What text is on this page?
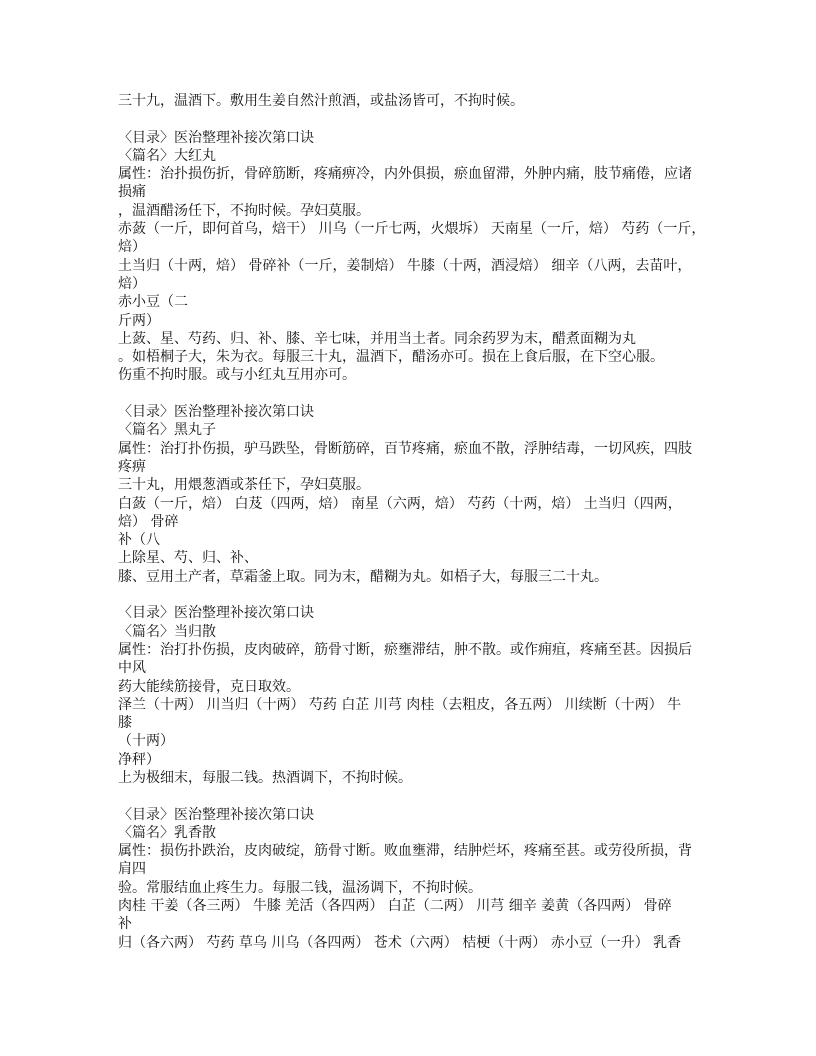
三十九，温酒下。敷用生姜自然汁煎酒，或盐汤皆可，不拘时候。
〈目录〉医治整理补接次第口诀
〈篇名〉大红丸
属性：治扑损伤折，骨碎筋断，疼痛痹冷，内外俱损，瘀血留滞，外肿内痛，肢节痛倦，应诸
损痛
，温酒醋汤任下，不拘时候。孕妇莫服。
赤蔹（一斤，即何首乌，焙干） 川乌（一斤七两，火煨坼） 天南星（一斤，焙） 芍药（一斤，
焙）
土当归（十两，焙） 骨碎补（一斤，姜制焙） 牛膝（十两，酒浸焙） 细辛（八两，去苗叶，
焙）
赤小豆（二
斤两）
上蔹、星、芍药、归、补、膝、辛七味，并用当土者。同余药罗为末，醋煮面糊为丸
。如梧桐子大，朱为衣。每服三十丸，温酒下，醋汤亦可。损在上食后服，在下空心服。
伤重不拘时服。或与小红丸互用亦可。
〈目录〉医治整理补接次第口诀
〈篇名〉黑丸子
属性：治打扑伤损，驴马跌坠，骨断筋碎，百节疼痛，瘀血不散，浮肿结毒，一切风疾，四肢
疼痹
三十丸，用煨葱酒或茶任下，孕妇莫服。
白蔹（一斤，焙） 白芨（四两，焙） 南星（六两，焙） 芍药（十两，焙） 土当归（四两，
焙） 骨碎
补（八
上除星、芍、归、补、
膝、豆用土产者，草霜釜上取。同为末，醋糊为丸。如梧子大，每服三二十丸。
〈目录〉医治整理补接次第口诀
〈篇名〉当归散
属性：治打扑伤损，皮肉破碎，筋骨寸断，瘀壅滞结，肿不散。或作痈疽，疼痛至甚。因损后
中风
药大能续筋接骨，克日取效。
泽兰（十两） 川当归（十两） 芍药 白芷 川芎 肉桂（去粗皮，各五两） 川续断（十两） 牛
膝
（十两）
净秤）
上为极细末，每服二钱。热酒调下，不拘时候。
〈目录〉医治整理补接次第口诀
〈篇名〉乳香散
属性：损伤扑跌治，皮肉破绽，筋骨寸断。败血壅滞，结肿烂坏，疼痛至甚。或劳役所损，背
肩四
验。常服结血止疼生力。每服二钱，温汤调下，不拘时候。
肉桂 干姜（各三两） 牛膝 羌活（各四两） 白芷（二两） 川芎 细辛 姜黄（各四两） 骨碎
补
归（各六两） 芍药 草乌 川乌（各四两） 苍术（六两） 桔梗（十两） 赤小豆（一升） 乳香
